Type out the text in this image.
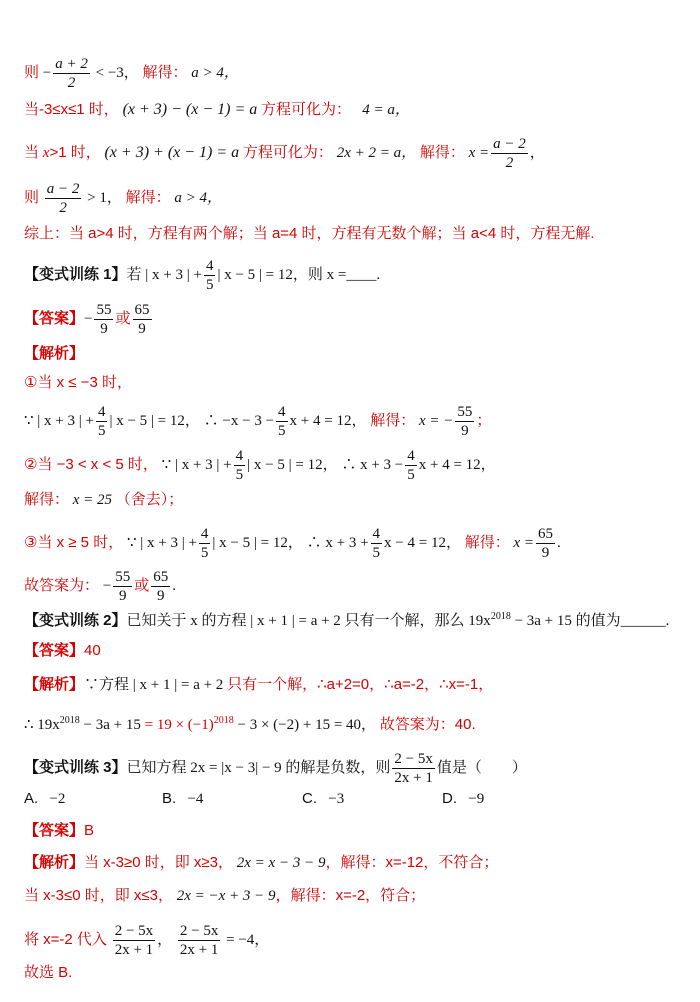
则 − $\frac{a + 2}{2} < -3$， 解得： a > 4，
当-3≤x≤1 时， (x + 3) − (x − 1) = a 方程可化为： 4 = a，
当 x>1 时， (x + 3) + (x − 1) = a 方程可化为： 2x + 2 = a， 解得： $x = \frac{a - 2}{2}$ ，
则 $\frac{a - 2}{2} > 1$， 解得： a > 4，
综上：当 a>4 时，方程有两个解；当 a=4 时，方程有无数个解；当 a<4 时，方程无解.
【变式训练 1】若 | x + 3 | + $\frac{4}{5}$ | x − 5 | = 12，则 x =____.
【答案】− $\frac{55}{9}$ 或 $\frac{65}{9}$
【解析】
①当 x ≤ −3 时，
∵ | x + 3 | + $\frac{4}{5}$ | x − 5 | = 12， ∴ $-x - 3 - \frac{4}{5}$ x + 4 = 12， 解得： x = − $\frac{55}{9}$ ；
②当 −3 < x < 5 时， ∵ | x + 3 | + $\frac{4}{5}$ | x − 5 | = 12， ∴ $x + 3 - \frac{4}{5}$ x + 4 = 12，
解得： x = 25 （舍去）；
③当 x ≥ 5 时， ∵ | x + 3 | + $\frac{4}{5}$ | x − 5 | = 12， ∴ $x + 3 + \frac{4}{5}$ x − 4 = 12， 解得： $x = \frac{65}{9}$ .
故答案为： − $\frac{55}{9}$ 或 $\frac{65}{9}$ .
【变式训练 2】已知关于 x 的方程 | x + 1 | = a + 2 只有一个解，那么 $19x^{2018} - 3a + 15$ 的值为______.
【答案】40
【解析】∵方程 | x + 1 | = a + 2 只有一个解，∴a+2=0，∴a=-2，∴x=-1，
∴ $19x^{2018} - 3a + 15 = 19 \times (-1)^{2018} - 3 \times (-2) + 15 = 40$， 故答案为：40.
【变式训练 3】已知方程 2x = |x − 3| − 9 的解是负数，则 $\frac{2 - 5x}{2x + 1}$ 值是（　　）
A. −2	B. −4	C. −3	D. −9
【答案】B
【解析】当 x-3≥0 时，即 x≥3， 2x = x − 3 − 9，解得：x=-12，不符合；
当 x-3≤0 时，即 x≤3， 2x = −x + 3 − 9，解得：x=-2，符合；
将 x=-2 代入 $\frac{2 - 5x}{2x + 1}$ ， $\frac{2 - 5x}{2x + 1} = -4$，
故选 B.
